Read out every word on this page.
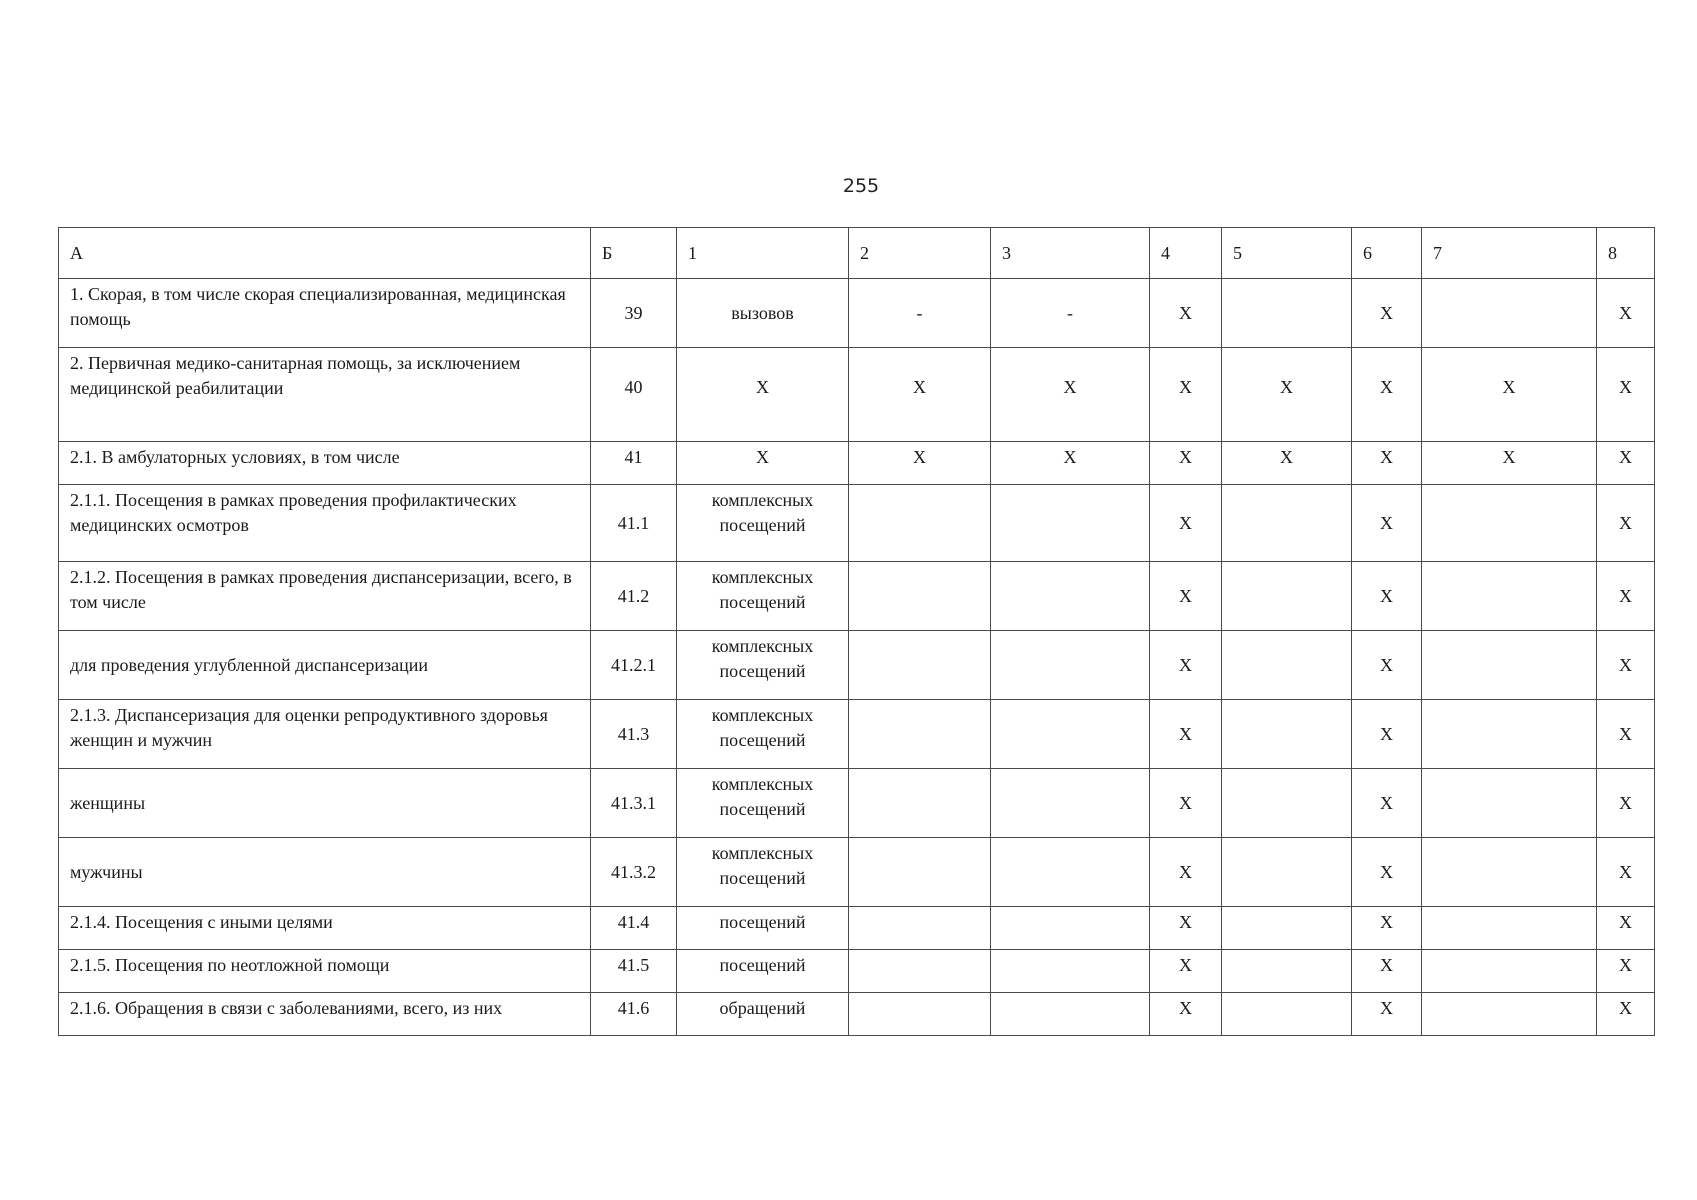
255
А	Б	1	2	3	4	5	6	7	8
1. Скорая, в том числе скорая специализированная, медицинская помощь	39	вызовов	-	-	X		X		X
2. Первичная медико-санитарная помощь, за исключением медицинской реабилитации	40	X	X	X	X	X	X	X	X
2.1. В амбулаторных условиях, в том числе	41	X	X	X	X	X	X	X	X
2.1.1. Посещения в рамках проведения профилактических медицинских осмотров	41.1	комплексных посещений			X		X		X
2.1.2. Посещения в рамках проведения диспансеризации, всего, в том числе	41.2	комплексных посещений			X		X		X
для проведения углубленной диспансеризации	41.2.1	комплексных посещений			X		X		X
2.1.3. Диспансеризация для оценки репродуктивного здоровья женщин и мужчин	41.3	комплексных посещений			X		X		X
женщины	41.3.1	комплексных посещений			X		X		X
мужчины	41.3.2	комплексных посещений			X		X		X
2.1.4. Посещения с иными целями	41.4	посещений			X		X		X
2.1.5. Посещения по неотложной помощи	41.5	посещений			X		X		X
2.1.6. Обращения в связи с заболеваниями, всего, из них	41.6	обращений			X		X		X
